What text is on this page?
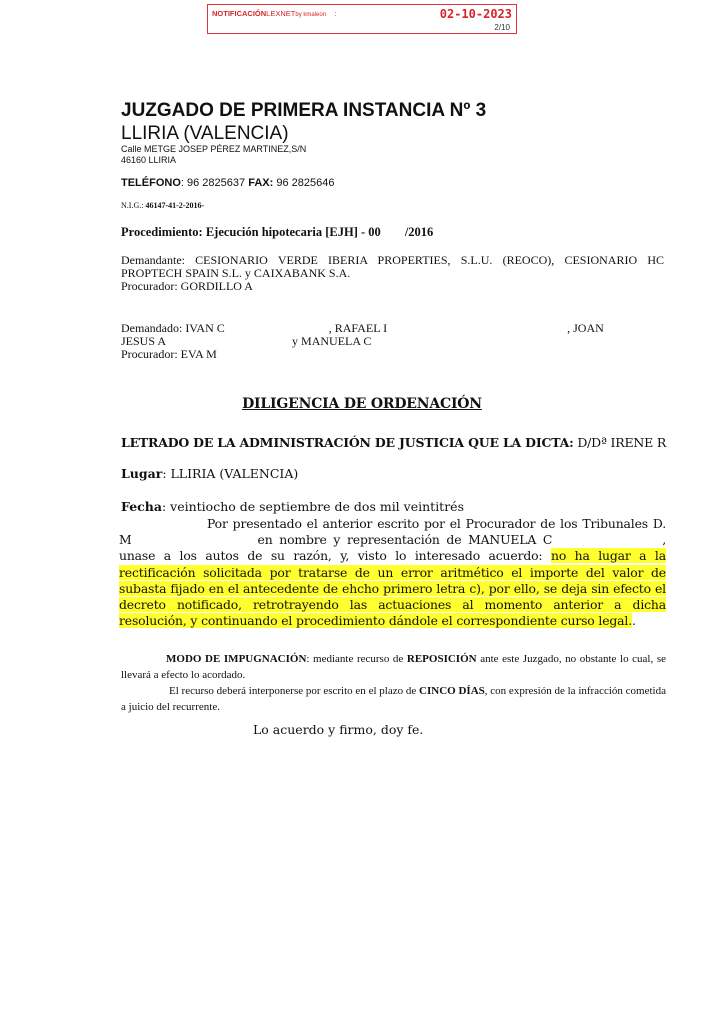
NOTIFICACIÓNLEXNETby kmaleon :	02-10-2023
2/10
JUZGADO DE PRIMERA INSTANCIA Nº 3
LLIRIA (VALENCIA)
Calle METGE JOSEP PÉREZ MARTINEZ,S/N
46160 LLIRIA
TELÉFONO: 96 2825637 FAX: 96 2825646
N.I.G.: 46147-41-2-2016-
Procedimiento: Ejecución hipotecaria [EJH] - 00 /2016
Demandante: CESIONARIO VERDE IBERIA PROPERTIES, S.L.U. (REOCO), CESIONARIO HC PROPTECH SPAIN S.L. y CAIXABANK S.A.
Procurador: GORDILLO A
Demandado: IVAN C	, RAFAEL I	, JOAN
JESUS A	y MANUELA C
Procurador: EVA M
DILIGENCIA DE ORDENACIÓN
LETRADO DE LA ADMINISTRACIÓN DE JUSTICIA QUE LA DICTA: D/Dª IRENE R
Lugar: LLIRIA (VALENCIA)
Fecha: veintiocho de septiembre de dos mil veintitrés
Por presentado el anterior escrito por el Procurador de los Tribunales D. M	en nombre y representación de MANUELA C	, unase a los autos de su razón, y, visto lo interesado acuerdo: no ha lugar a la rectificación solicitada por tratarse de un error aritmético el importe del valor de subasta fijado en el antecedente de ehcho primero letra c), por ello, se deja sin efecto el decreto notificado, retrotrayendo las actuaciones al momento anterior a dicha resolución, y continuando el procedimiento dándole el correspondiente curso legal..
MODO DE IMPUGNACIÓN: mediante recurso de REPOSICIÓN ante este Juzgado, no obstante lo cual, se llevará a efecto lo acordado.
El recurso deberá interponerse por escrito en el plazo de CINCO DÍAS, con expresión de la infracción cometida a juicio del recurrente.
Lo acuerdo y firmo, doy fe.
